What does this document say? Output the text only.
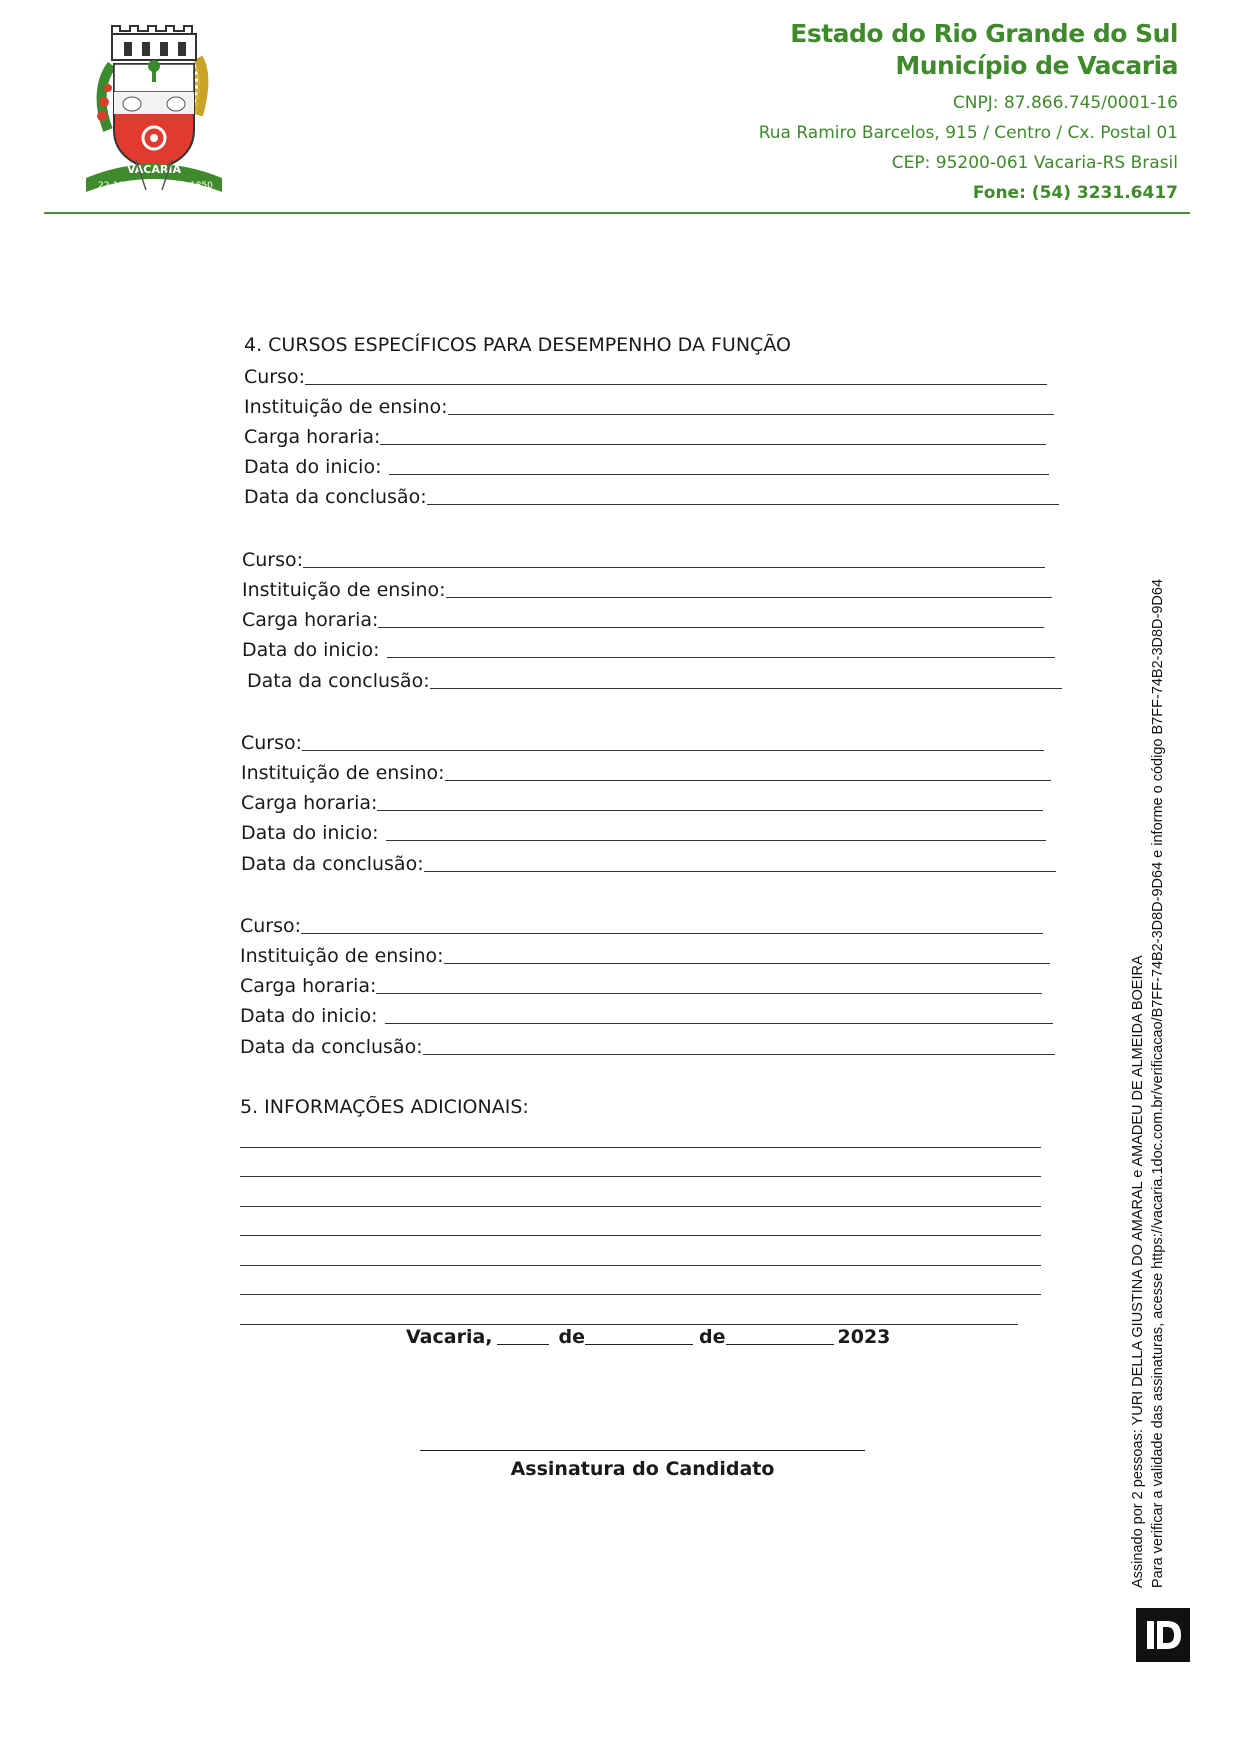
VACARIA
22-10	1850
Estado do Rio Grande do Sul
Município de Vacaria
CNPJ: 87.866.745/0001-16
Rua Ramiro Barcelos, 915 / Centro / Cx. Postal 01
CEP: 95200-061 Vacaria-RS Brasil
Fone: (54) 3231.6417
4. CURSOS ESPECÍFICOS PARA DESEMPENHO DA FUNÇÃO
Curso:
Instituição de ensino:
Carga horaria:
Data do inicio:
Data da conclusão:
Curso:
Instituição de ensino:
Carga horaria:
Data do inicio:
Data da conclusão:
Curso:
Instituição de ensino:
Carga horaria:
Data do inicio:
Data da conclusão:
Curso:
Instituição de ensino:
Carga horaria:
Data do inicio:
Data da conclusão:
5. INFORMAÇÕES ADICIONAIS:
Vacaria,	de	de	2023
Assinatura do Candidato	Assinado por 2 pessoas: YURI DELLA GIUSTINA DO AMARAL e AMADEU DE ALMEIDA BOEIRA Para verificar a validade das assinaturas, acesse https://vacaria.1doc.com.br/verificacao/B7FF-74B2-3D8D-9D64 e informe o código B7FF-74B2-3D8D-9D64
